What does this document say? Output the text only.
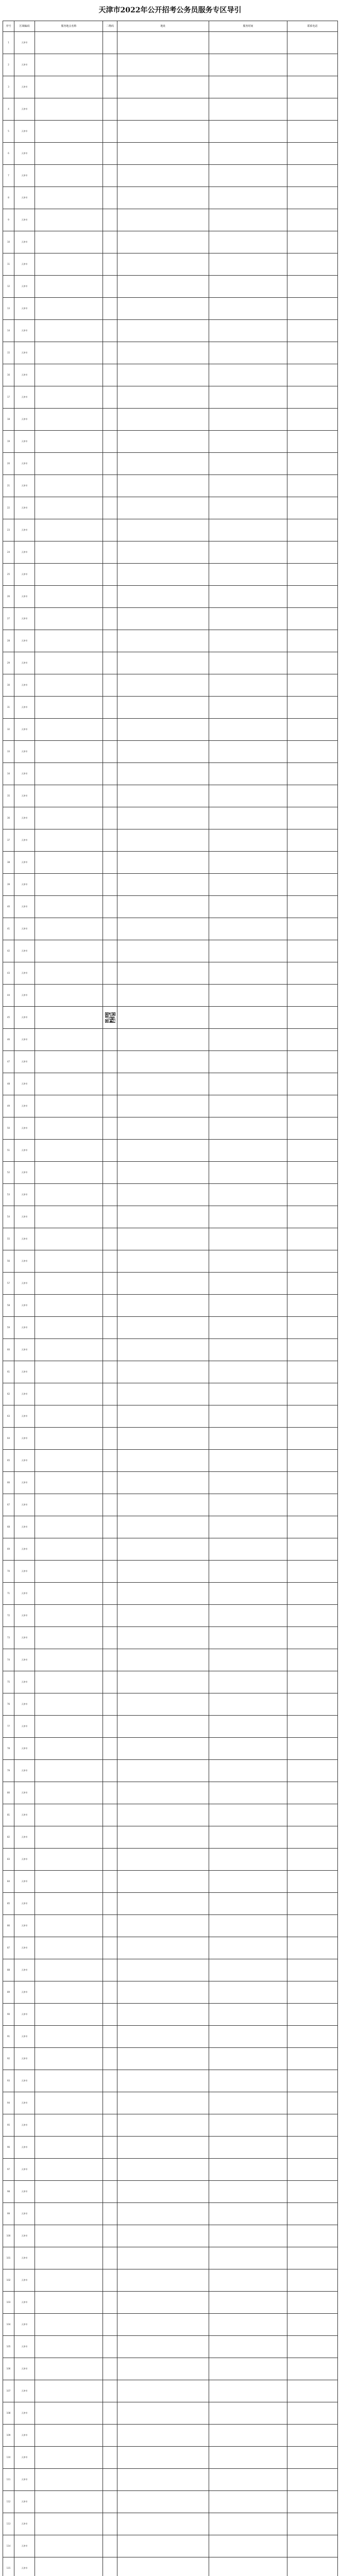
天津市2022年公开招考公务员服务专区导引
序号	区域编码	服务地点名称	二维码	地址	服务时间	联系电话
1	天津市					
2	天津市					
3	天津市					
4	天津市					
5	天津市					
6	天津市					
7	天津市					
8	天津市					
9	天津市					
10	天津市					
11	天津市					
12	天津市					
13	天津市					
14	天津市					
15	天津市					
16	天津市					
17	天津市					
18	天津市					
19	天津市					
20	天津市					
21	天津市					
22	天津市					
23	天津市					
24	天津市					
25	天津市					
26	天津市					
27	天津市					
28	天津市					
29	天津市					
30	天津市					
31	天津市					
32	天津市					
33	天津市					
34	天津市					
35	天津市					
36	天津市					
37	天津市					
38	天津市					
39	天津市					
40	天津市					
41	天津市					
42	天津市					
43	天津市					
44	天津市					
45	天津市		

46	天津市					
47	天津市					
48	天津市					
49	天津市					
50	天津市					
51	天津市					
52	天津市					
53	天津市					
54	天津市					
55	天津市					
56	天津市					
57	天津市					
58	天津市					
59	天津市					
60	天津市					
61	天津市					
62	天津市					
63	天津市					
64	天津市					
65	天津市					
66	天津市					
67	天津市					
68	天津市					
69	天津市					
70	天津市					
71	天津市					
72	天津市					
73	天津市					
74	天津市					
75	天津市					
76	天津市					
77	天津市					
78	天津市					
79	天津市					
80	天津市					
81	天津市					
82	天津市					
83	天津市					
84	天津市					
85	天津市					
86	天津市					
87	天津市					
88	天津市					
89	天津市					
90	天津市					
91	天津市					
92	天津市					
93	天津市					
94	天津市					
95	天津市					
96	天津市					
97	天津市					
98	天津市					
99	天津市					
100	天津市					
101	天津市					
102	天津市					
103	天津市					
104	天津市					
105	天津市					
106	天津市					
107	天津市					
108	天津市					
109	天津市					
110	天津市					
111	天津市					
112	天津市					
113	天津市					
114	天津市					
115	天津市					
